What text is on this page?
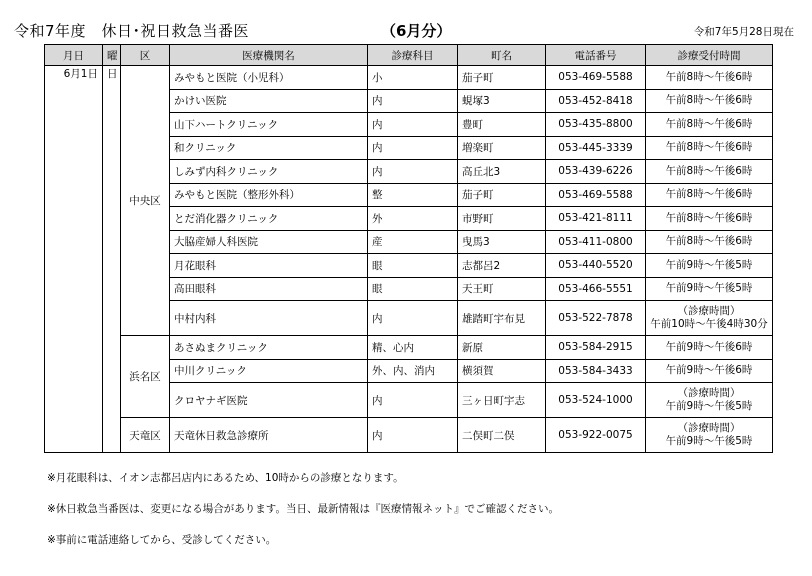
令和7年度　休日･祝日救急当番医	（6月分）	令和7年5月28日現在
月日	曜	区	医療機関名	診療科目	町名	電話番号	診療受付時間
6月1日	日	中央区	みやもと医院（小児科）	小	茄子町	053-469-5588	午前8時～午後6時

			かけい医院	内	蜆塚3	053-452-8418	午前8時～午後6時

			山下ハートクリニック	内	豊町	053-435-8800	午前8時～午後6時

			和クリニック	内	増楽町	053-445-3339	午前8時～午後6時

			しみず内科クリニック	内	高丘北3	053-439-6226	午前8時～午後6時

			みやもと医院（整形外科）	整	茄子町	053-469-5588	午前8時～午後6時

			とだ消化器クリニック	外	市野町	053-421-8111	午前8時～午後6時

			大脇産婦人科医院	産	曳馬3	053-411-0800	午前8時～午後6時

			月花眼科	眼	志都呂2	053-440-5520	午前9時～午後5時

			高田眼科	眼	天王町	053-466-5551	午前9時～午後5時

			中村内科	内	雄踏町宇布見	053-522-7878	（診療時間）
午前10時～午後4時30分

		浜名区	あさぬまクリニック	精、心内	新原	053-584-2915	午前9時～午後6時

			中川クリニック	外、内、消内	横須賀	053-584-3433	午前9時～午後6時

			クロヤナギ医院	内	三ヶ日町宇志	053-524-1000	（診療時間）
午前9時～午後5時

		天竜区	天竜休日救急診療所	内	二俣町二俣	053-922-0075	（診療時間）
午前9時～午後5時

※月花眼科は、イオン志都呂店内にあるため、10時からの診療となります。

※休日救急当番医は、変更になる場合があります。当日、最新情報は『医療情報ネット』でご確認ください。

※事前に電話連絡してから、受診してください。
